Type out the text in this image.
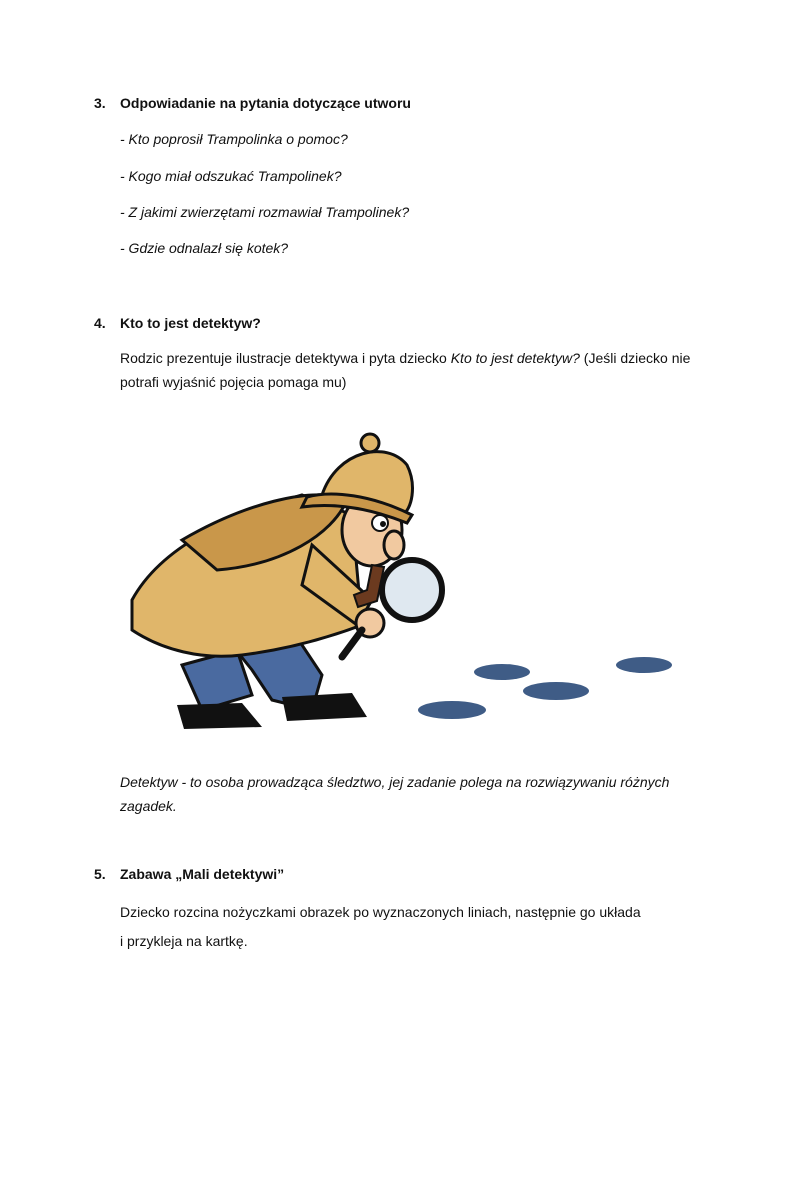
3. Odpowiadanie na pytania dotyczące utworu
- Kto poprosił Trampolinka o pomoc?
- Kogo miał odszukać Trampolinek?
- Z jakimi zwierzętami rozmawiał Trampolinek?
- Gdzie odnalazł się kotek?
4. Kto to jest detektyw?
Rodzic prezentuje ilustracje detektywa i pyta dziecko Kto to jest detektyw? (Jeśli dziecko nie potrafi wyjaśnić pojęcia pomaga mu)
Detektyw - to osoba prowadząca śledztwo, jej zadanie polega na rozwiązywaniu różnych zagadek.
5. Zabawa „Mali detektywi”
Dziecko rozcina nożyczkami obrazek po wyznaczonych liniach, następnie go układa
i przykleja na kartkę.
